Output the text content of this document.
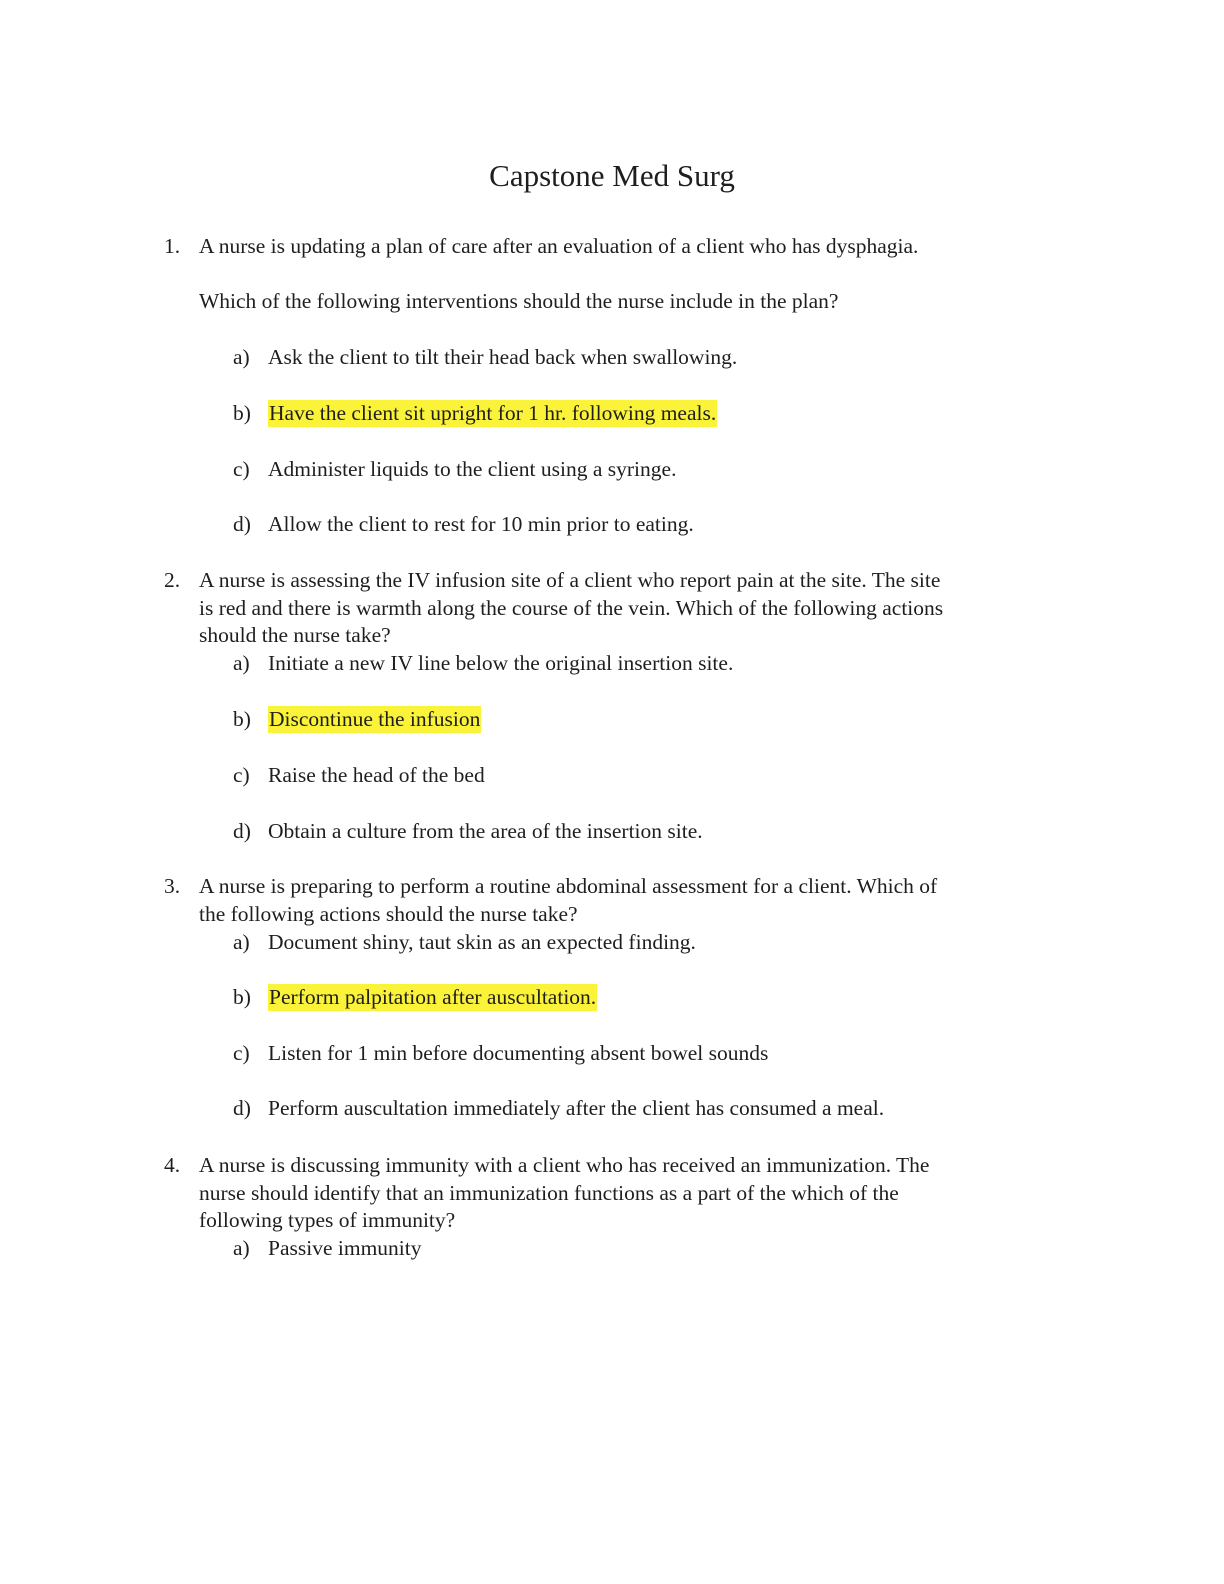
Capstone Med Surg
1. A nurse is updating a plan of care after an evaluation of a client who has dysphagia.
Which of the following interventions should the nurse include in the plan?
a) Ask the client to tilt their head back when swallowing.
b) Have the client sit upright for 1 hr. following meals.
c) Administer liquids to the client using a syringe.
d) Allow the client to rest for 10 min prior to eating.
2. A nurse is assessing the IV infusion site of a client who report pain at the site. The site
is red and there is warmth along the course of the vein. Which of the following actions
should the nurse take?
a) Initiate a new IV line below the original insertion site.
b) Discontinue the infusion
c) Raise the head of the bed
d) Obtain a culture from the area of the insertion site.
3. A nurse is preparing to perform a routine abdominal assessment for a client. Which of
the following actions should the nurse take?
a) Document shiny, taut skin as an expected finding.
b) Perform palpitation after auscultation.
c) Listen for 1 min before documenting absent bowel sounds
d) Perform auscultation immediately after the client has consumed a meal.
4. A nurse is discussing immunity with a client who has received an immunization. The
nurse should identify that an immunization functions as a part of the which of the
following types of immunity?
a) Passive immunity
